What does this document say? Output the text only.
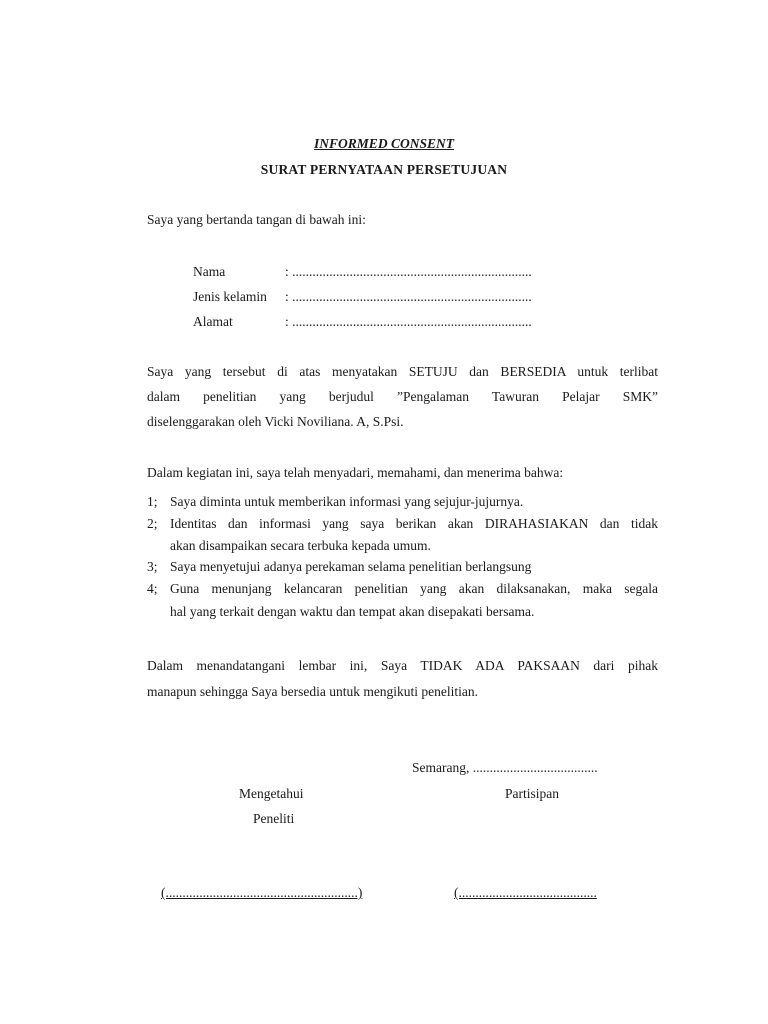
INFORMED CONSENT
SURAT PERNYATAAN PERSETUJUAN
Saya yang bertanda tangan di bawah ini:
Nama	: .......................................................................
Jenis kelamin : .......................................................................
Alamat	: .......................................................................
Saya yang tersebut di atas menyatakan SETUJU dan BERSEDIA untuk terlibat
dalam penelitian yang berjudul ”Pengalaman Tawuran Pelajar SMK”
diselenggarakan oleh Vicki Noviliana. A, S.Psi.
Dalam kegiatan ini, saya telah menyadari, memahami, dan menerima bahwa:
1; Saya diminta untuk memberikan informasi yang sejujur-jujurnya.
2; Identitas dan informasi yang saya berikan akan DIRAHASIAKAN dan tidak
akan disampaikan secara terbuka kepada umum.
3; Saya menyetujui adanya perekaman selama penelitian berlangsung
4; Guna menunjang kelancaran penelitian yang akan dilaksanakan, maka segala
hal yang terkait dengan waktu dan tempat akan disepakati bersama.
Dalam menandatangani lembar ini, Saya TIDAK ADA PAKSAAN dari pihak
manapun sehingga Saya bersedia untuk mengikuti penelitian.
Semarang, .....................................
Mengetahui	Partisipan
Peneliti
(.........................................................)	(.........................................
